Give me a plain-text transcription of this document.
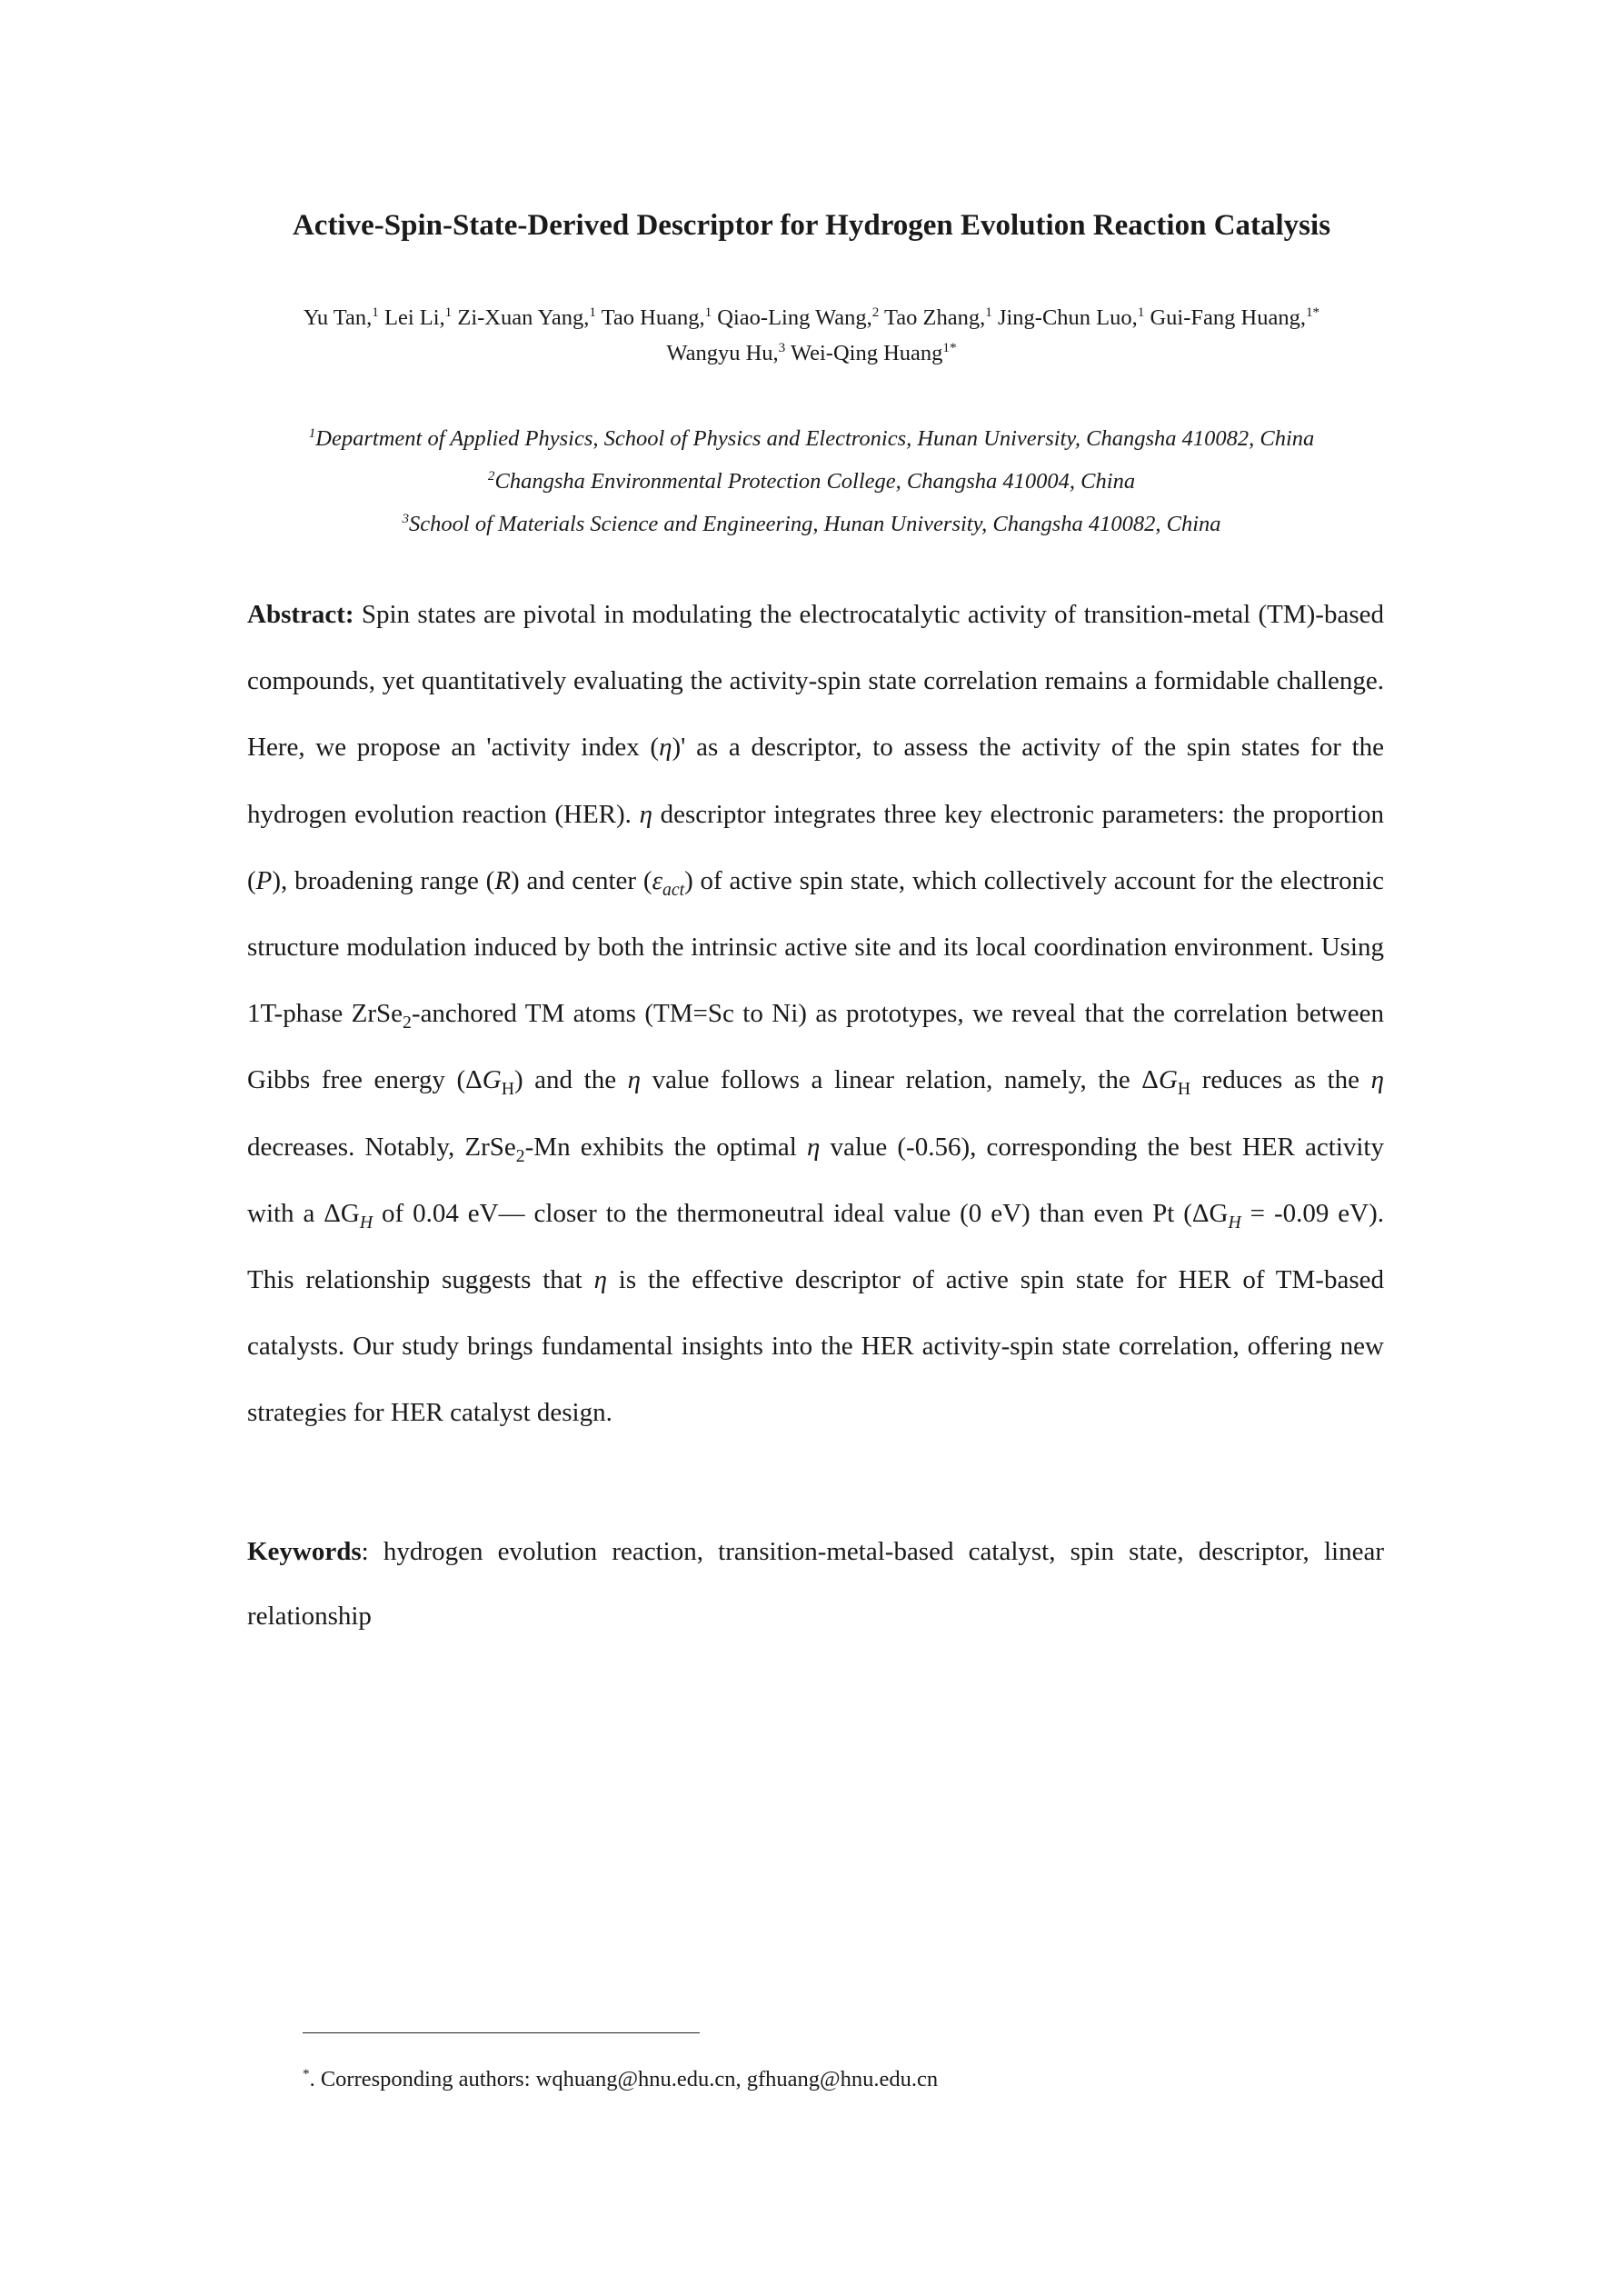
Active-Spin-State-Derived Descriptor for Hydrogen Evolution Reaction Catalysis
Yu Tan,$^1$ Lei Li,$^1$ Zi-Xuan Yang,$^1$ Tao Huang,$^1$ Qiao-Ling Wang,$^2$ Tao Zhang,$^1$ Jing-Chun Luo,$^1$ Gui-Fang Huang,$^{1*}$
Wangyu Hu,$^3$ Wei-Qing Huang$^{1*}$
$^1$Department of Applied Physics, School of Physics and Electronics, Hunan University, Changsha 410082, China
$^2$Changsha Environmental Protection College, Changsha 410004, China
$^3$School of Materials Science and Engineering, Hunan University, Changsha 410082, China

Abstract: Spin states are pivotal in modulating the electrocatalytic activity of transition-metal (TM)-based compounds, yet quantitatively evaluating the activity-spin state correlation remains a formidable challenge. Here, we propose an 'activity index (η)' as a descriptor, to assess the activity of the spin states for the hydrogen evolution reaction (HER). η descriptor integrates three key electronic parameters: the proportion (P), broadening range (R) and center $(\varepsilon_{act})$ of active spin state, which collectively account for the electronic structure modulation induced by both the intrinsic active site and its local coordination environment. Using 1T-phase ZrSe$_2$-anchored TM atoms (TM=Sc to Ni) as prototypes, we reveal that the correlation between Gibbs free energy $(\Delta G_H)$ and the η value follows a linear relation, namely, the $\Delta G_H$ reduces as the η decreases. Notably, ZrSe$_2$-Mn exhibits the optimal η value (-0.56), corresponding the best HER activity with a $\Delta G_H$ of 0.04 eV— closer to the thermoneutral ideal value (0 eV) than even Pt ($\Delta G_H = -0.09$ eV). This relationship suggests that η is the effective descriptor of active spin state for HER of TM-based catalysts. Our study brings fundamental insights into the HER activity-spin state correlation, offering new strategies for HER catalyst design.

Keywords: hydrogen evolution reaction, transition-metal-based catalyst, spin state, descriptor, linear relationship

*. Corresponding authors: wqhuang@hnu.edu.cn, gfhuang@hnu.edu.cn
